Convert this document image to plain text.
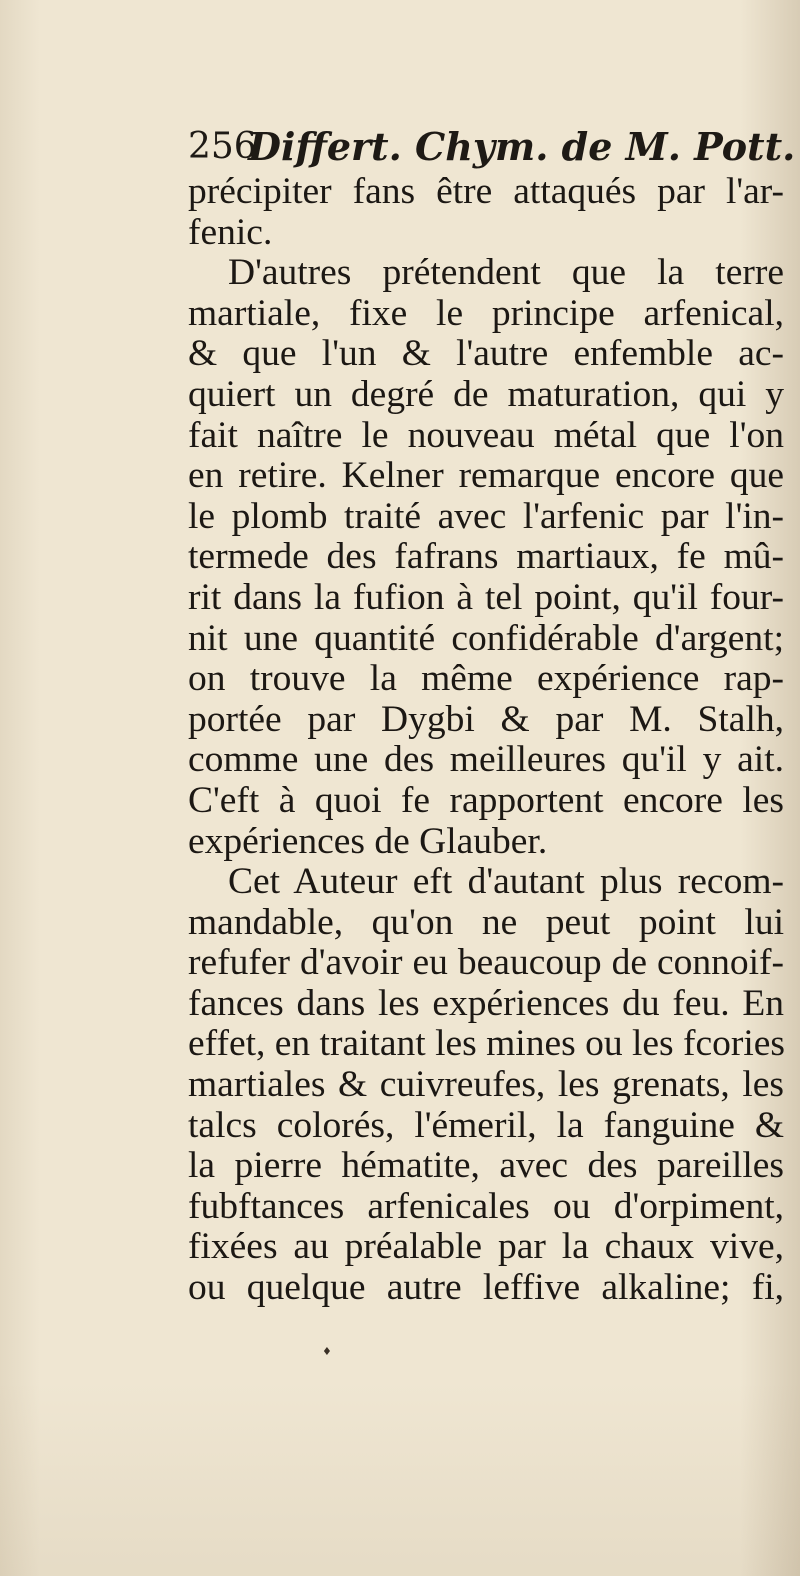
256
Differt. Chym. de M. Pott.
précipiter fans être attaqués par l'ar-
fenic.
D'autres prétendent que la terre
martiale, fixe le principe arfenical,
& que l'un & l'autre enfemble ac-
quiert un degré de maturation, qui y
fait naître le nouveau métal que l'on
en retire. Kelner remarque encore que
le plomb traité avec l'arfenic par l'in-
termede des fafrans martiaux, fe mû-
rit dans la fufion à tel point, qu'il four-
nit une quantité confidérable d'argent;
on trouve la même expérience rap-
portée par Dygbi & par M. Stalh,
comme une des meilleures qu'il y ait.
C'eft à quoi fe rapportent encore les
expériences de Glauber.
Cet Auteur eft d'autant plus recom-
mandable, qu'on ne peut point lui
refufer d'avoir eu beaucoup de connoif-
fances dans les expériences du feu. En
effet, en traitant les mines ou les fcories
martiales & cuivreufes, les grenats, les
talcs colorés, l'émeril, la fanguine &
la pierre hématite, avec des pareilles
fubftances arfenicales ou d'orpiment,
fixées au préalable par la chaux vive,
ou quelque autre leffive alkaline; fi,
♦
